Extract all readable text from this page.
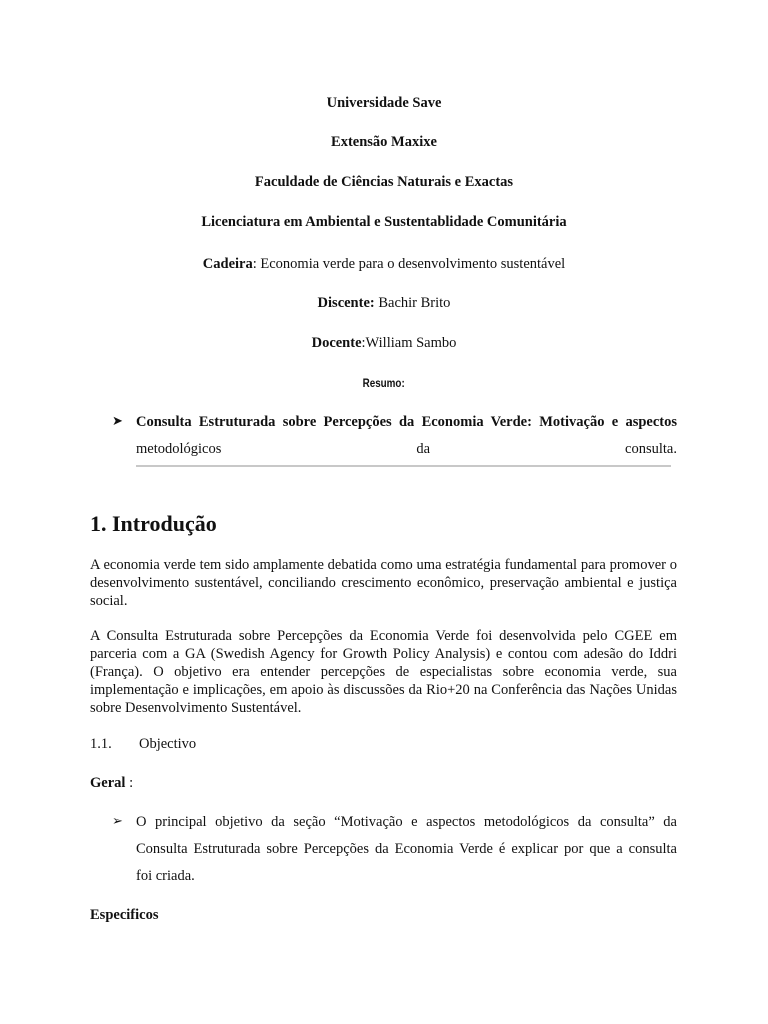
Universidade Save
Extensão Maxixe
Faculdade de Ciências Naturais e Exactas
Licenciatura em Ambiental e Sustentablidade Comunitária
Cadeira: Economia verde para o desenvolvimento sustentável
Discente: Bachir Brito
Docente:William Sambo
Resumo:
➤ Consulta Estruturada sobre Percepções da Economia Verde: Motivação e aspectos
metodológicos	da	consulta.
1. Introdução

A economia verde tem sido amplamente debatida como uma estratégia fundamental para promover o desenvolvimento sustentável, conciliando crescimento econômico, preservação ambiental e justiça social.

A Consulta Estruturada sobre Percepções da Economia Verde foi desenvolvida pelo CGEE em parceria com a GA (Swedish Agency for Growth Policy Analysis) e contou com adesão do Iddri (França). O objetivo era entender percepções de especialistas sobre economia verde, sua implementação e implicações, em apoio às discussões da Rio+20 na Conferência das Nações Unidas sobre Desenvolvimento Sustentável.

1.1. Objectivo
Geral :
➢ O principal objetivo da seção “Motivação e aspectos metodológicos da consulta” da
Consulta Estruturada sobre Percepções da Economia Verde é explicar por que a consulta
foi criada.
Especificos
